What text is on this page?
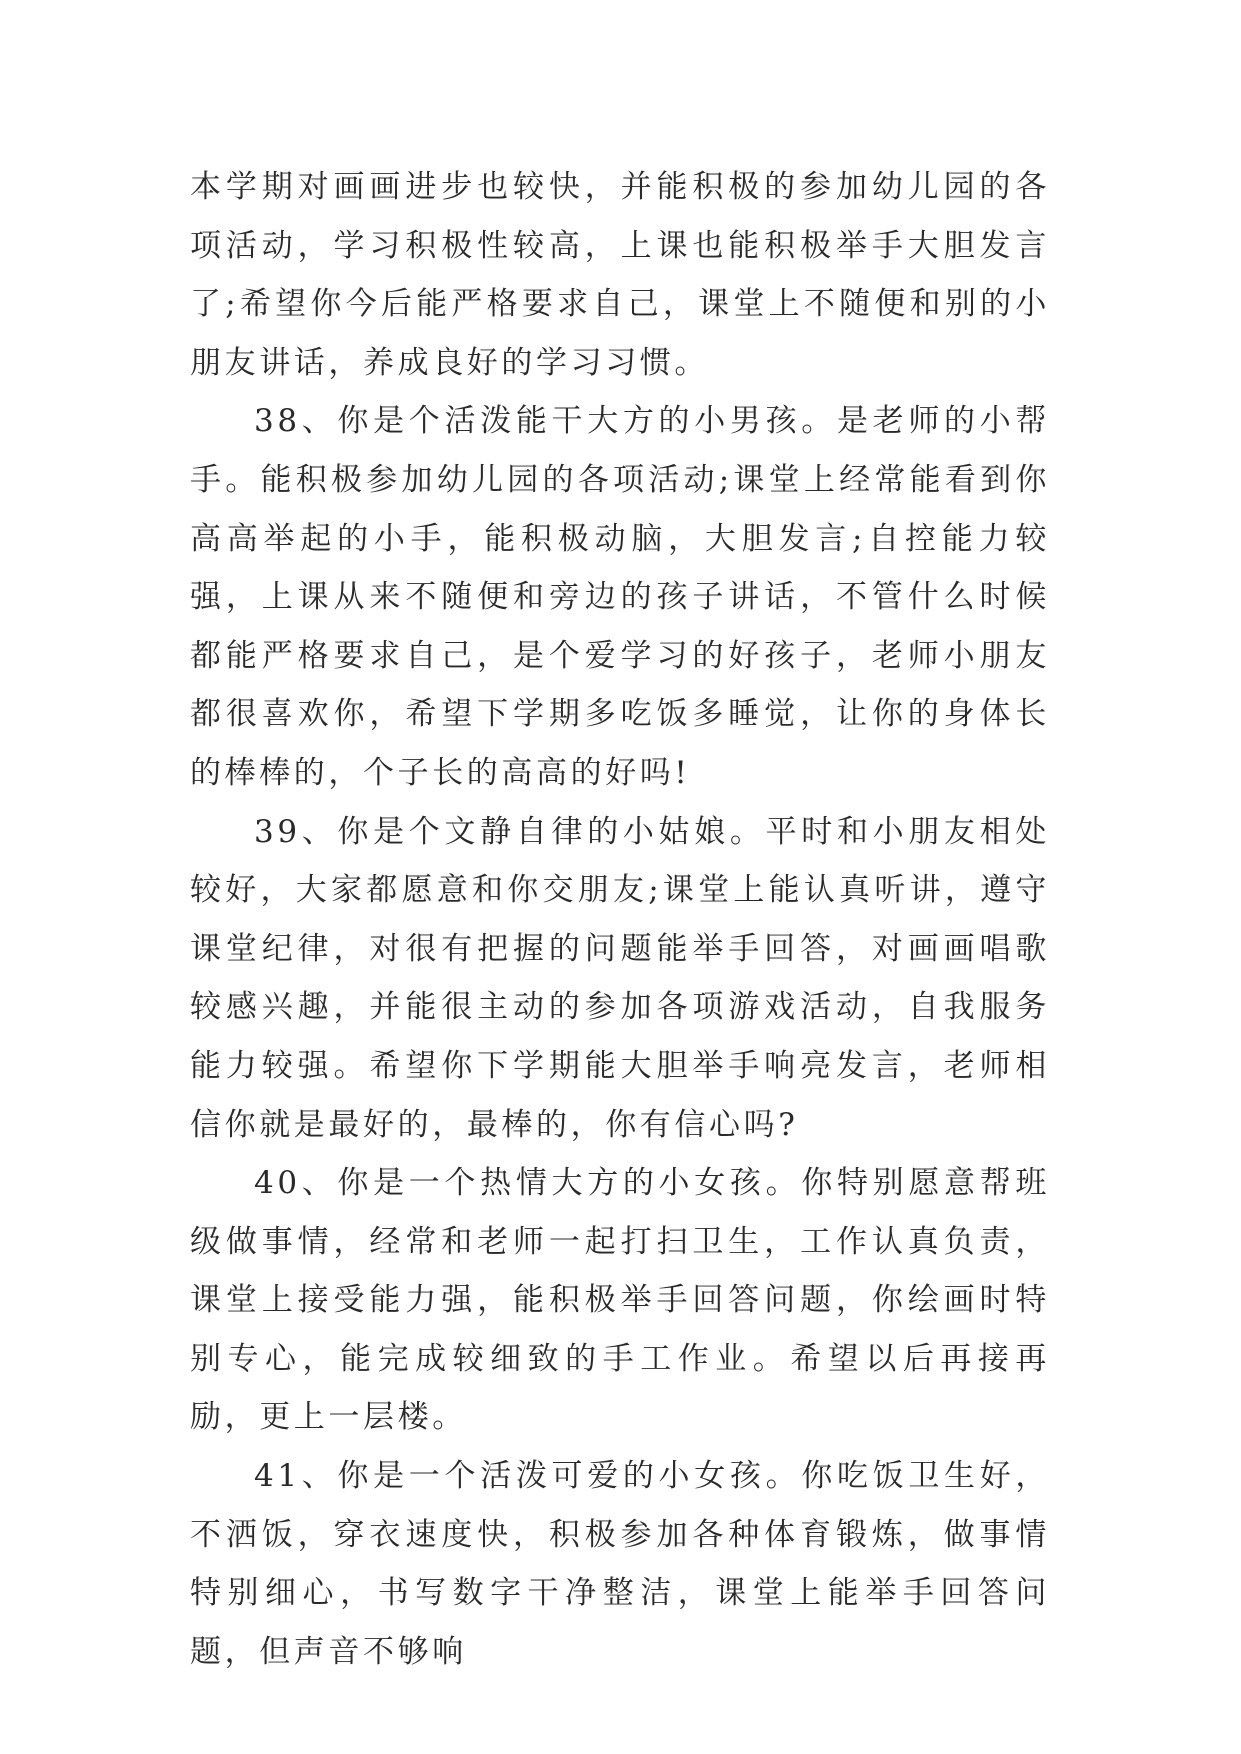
本学期对画画进步也较快，并能积极的参加幼儿园的各项活动，学习积极性较高，上课也能积极举手大胆发言了;希望你今后能严格要求自己，课堂上不随便和别的小朋友讲话，养成良好的学习习惯。

38、你是个活泼能干大方的小男孩。是老师的小帮手。能积极参加幼儿园的各项活动;课堂上经常能看到你高高举起的小手，能积极动脑，大胆发言;自控能力较强，上课从来不随便和旁边的孩子讲话，不管什么时候都能严格要求自己，是个爱学习的好孩子，老师小朋友都很喜欢你，希望下学期多吃饭多睡觉，让你的身体长的棒棒的，个子长的高高的好吗!

39、你是个文静自律的小姑娘。平时和小朋友相处较好，大家都愿意和你交朋友;课堂上能认真听讲，遵守课堂纪律，对很有把握的问题能举手回答，对画画唱歌较感兴趣，并能很主动的参加各项游戏活动，自我服务能力较强。希望你下学期能大胆举手响亮发言，老师相信你就是最好的，最棒的，你有信心吗?

40、你是一个热情大方的小女孩。你特别愿意帮班级做事情，经常和老师一起打扫卫生，工作认真负责，课堂上接受能力强，能积极举手回答问题，你绘画时特别专心，能完成较细致的手工作业。希望以后再接再励，更上一层楼。

41、你是一个活泼可爱的小女孩。你吃饭卫生好，不洒饭，穿衣速度快，积极参加各种体育锻炼，做事情特别细心，书写数字干净整洁，课堂上能举手回答问题，但声音不够响
